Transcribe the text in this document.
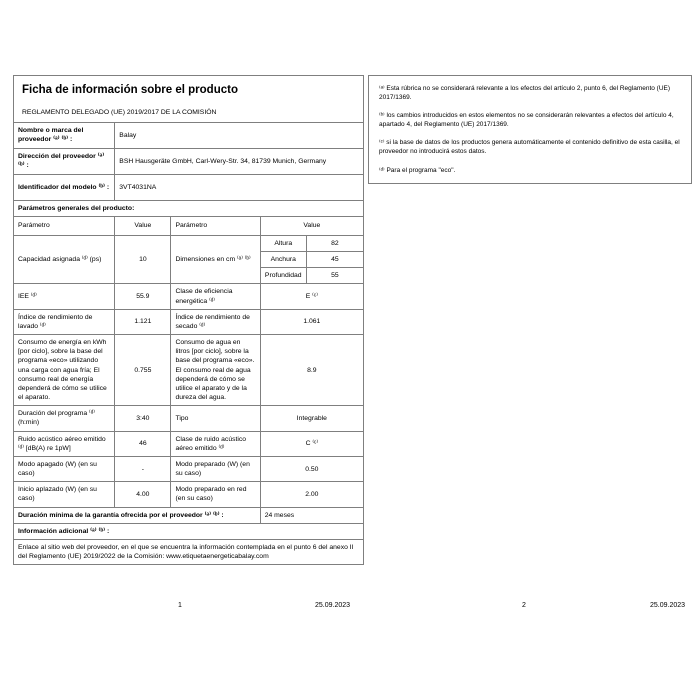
Ficha de información sobre el producto
REGLAMENTO DELEGADO (UE) 2019/2017 DE LA COMISIÓN				

Nombre o marca del proveedor ⁽ᵃ⁾ ⁽ᵇ⁾ :	Balay			
Dirección del proveedor ⁽ᵃ⁾ ⁽ᵇ⁾ :	BSH Hausgeräte GmbH, Carl-Wery-Str. 34, 81739 Munich, Germany			
Identificador del modelo ⁽ᵇ⁾ :	3VT4031NA			
Parámetros generales del producto:				
Parámetro	Value	Parámetro	Value	
Capacidad asignada ⁽ᵈ⁾ (ps)	10	Dimensiones en cm ⁽ᵃ⁾ ⁽ᵇ⁾	Altura	82
			Anchura	45
			Profundidad	55
IEE ⁽ᵈ⁾	55.9	Clase de eficiencia energética ⁽ᵈ⁾	E ⁽ᶜ⁾	
Índice de rendimiento de lavado ⁽ᵈ⁾	1.121	Índice de rendimiento de secado ⁽ᵈ⁾	1.061	
Consumo de energía en kWh [por ciclo], sobre la base del programa «eco» utilizando una carga con agua fría; El consumo real de energía dependerá de cómo se utilice el aparato.	0.755	Consumo de agua en litros [por ciclo], sobre la base del programa «eco». El consumo real de agua dependerá de cómo se utilice el aparato y de la dureza del agua.	8.9	
Duración del programa ⁽ᵈ⁾ (h:min)	3:40	Tipo	Integrable	
Ruido acústico aéreo emitido ⁽ᵈ⁾ [dB(A) re 1pW]	46	Clase de ruido acústico aéreo emitido ⁽ᵈ⁾	C ⁽ᶜ⁾	
Modo apagado (W) (en su caso)	-	Modo preparado (W) (en su caso)	0.50	
Inicio aplazado (W) (en su caso)	4.00	Modo preparado en red (en su caso)	2.00	
Duración mínima de la garantía ofrecida por el proveedor ⁽ᵃ⁾ ⁽ᵇ⁾ :			24 meses	
Información adicional ⁽ᵃ⁾ ⁽ᵇ⁾ :				
Enlace al sitio web del proveedor, en el que se encuentra la información contemplada en el punto 6 del anexo II del Reglamento (UE) 2019/2022 de la Comisión: www.etiquetaenergeticabalay.com				

⁽ᵃ⁾ Esta rúbrica no se considerará relevante a los efectos del artículo 2, punto 6, del Reglamento (UE) 2017/1369.

⁽ᵇ⁾ los cambios introducidos en estos elementos no se considerarán relevantes a efectos del artículo 4, apartado 4, del Reglamento (UE) 2017/1369.

⁽ᶜ⁾ si la base de datos de los productos genera automáticamente el contenido definitivo de esta casilla, el proveedor no introducirá estos datos.

⁽ᵈ⁾ Para el programa "eco".

1	25.09.2023	2	25.09.2023
